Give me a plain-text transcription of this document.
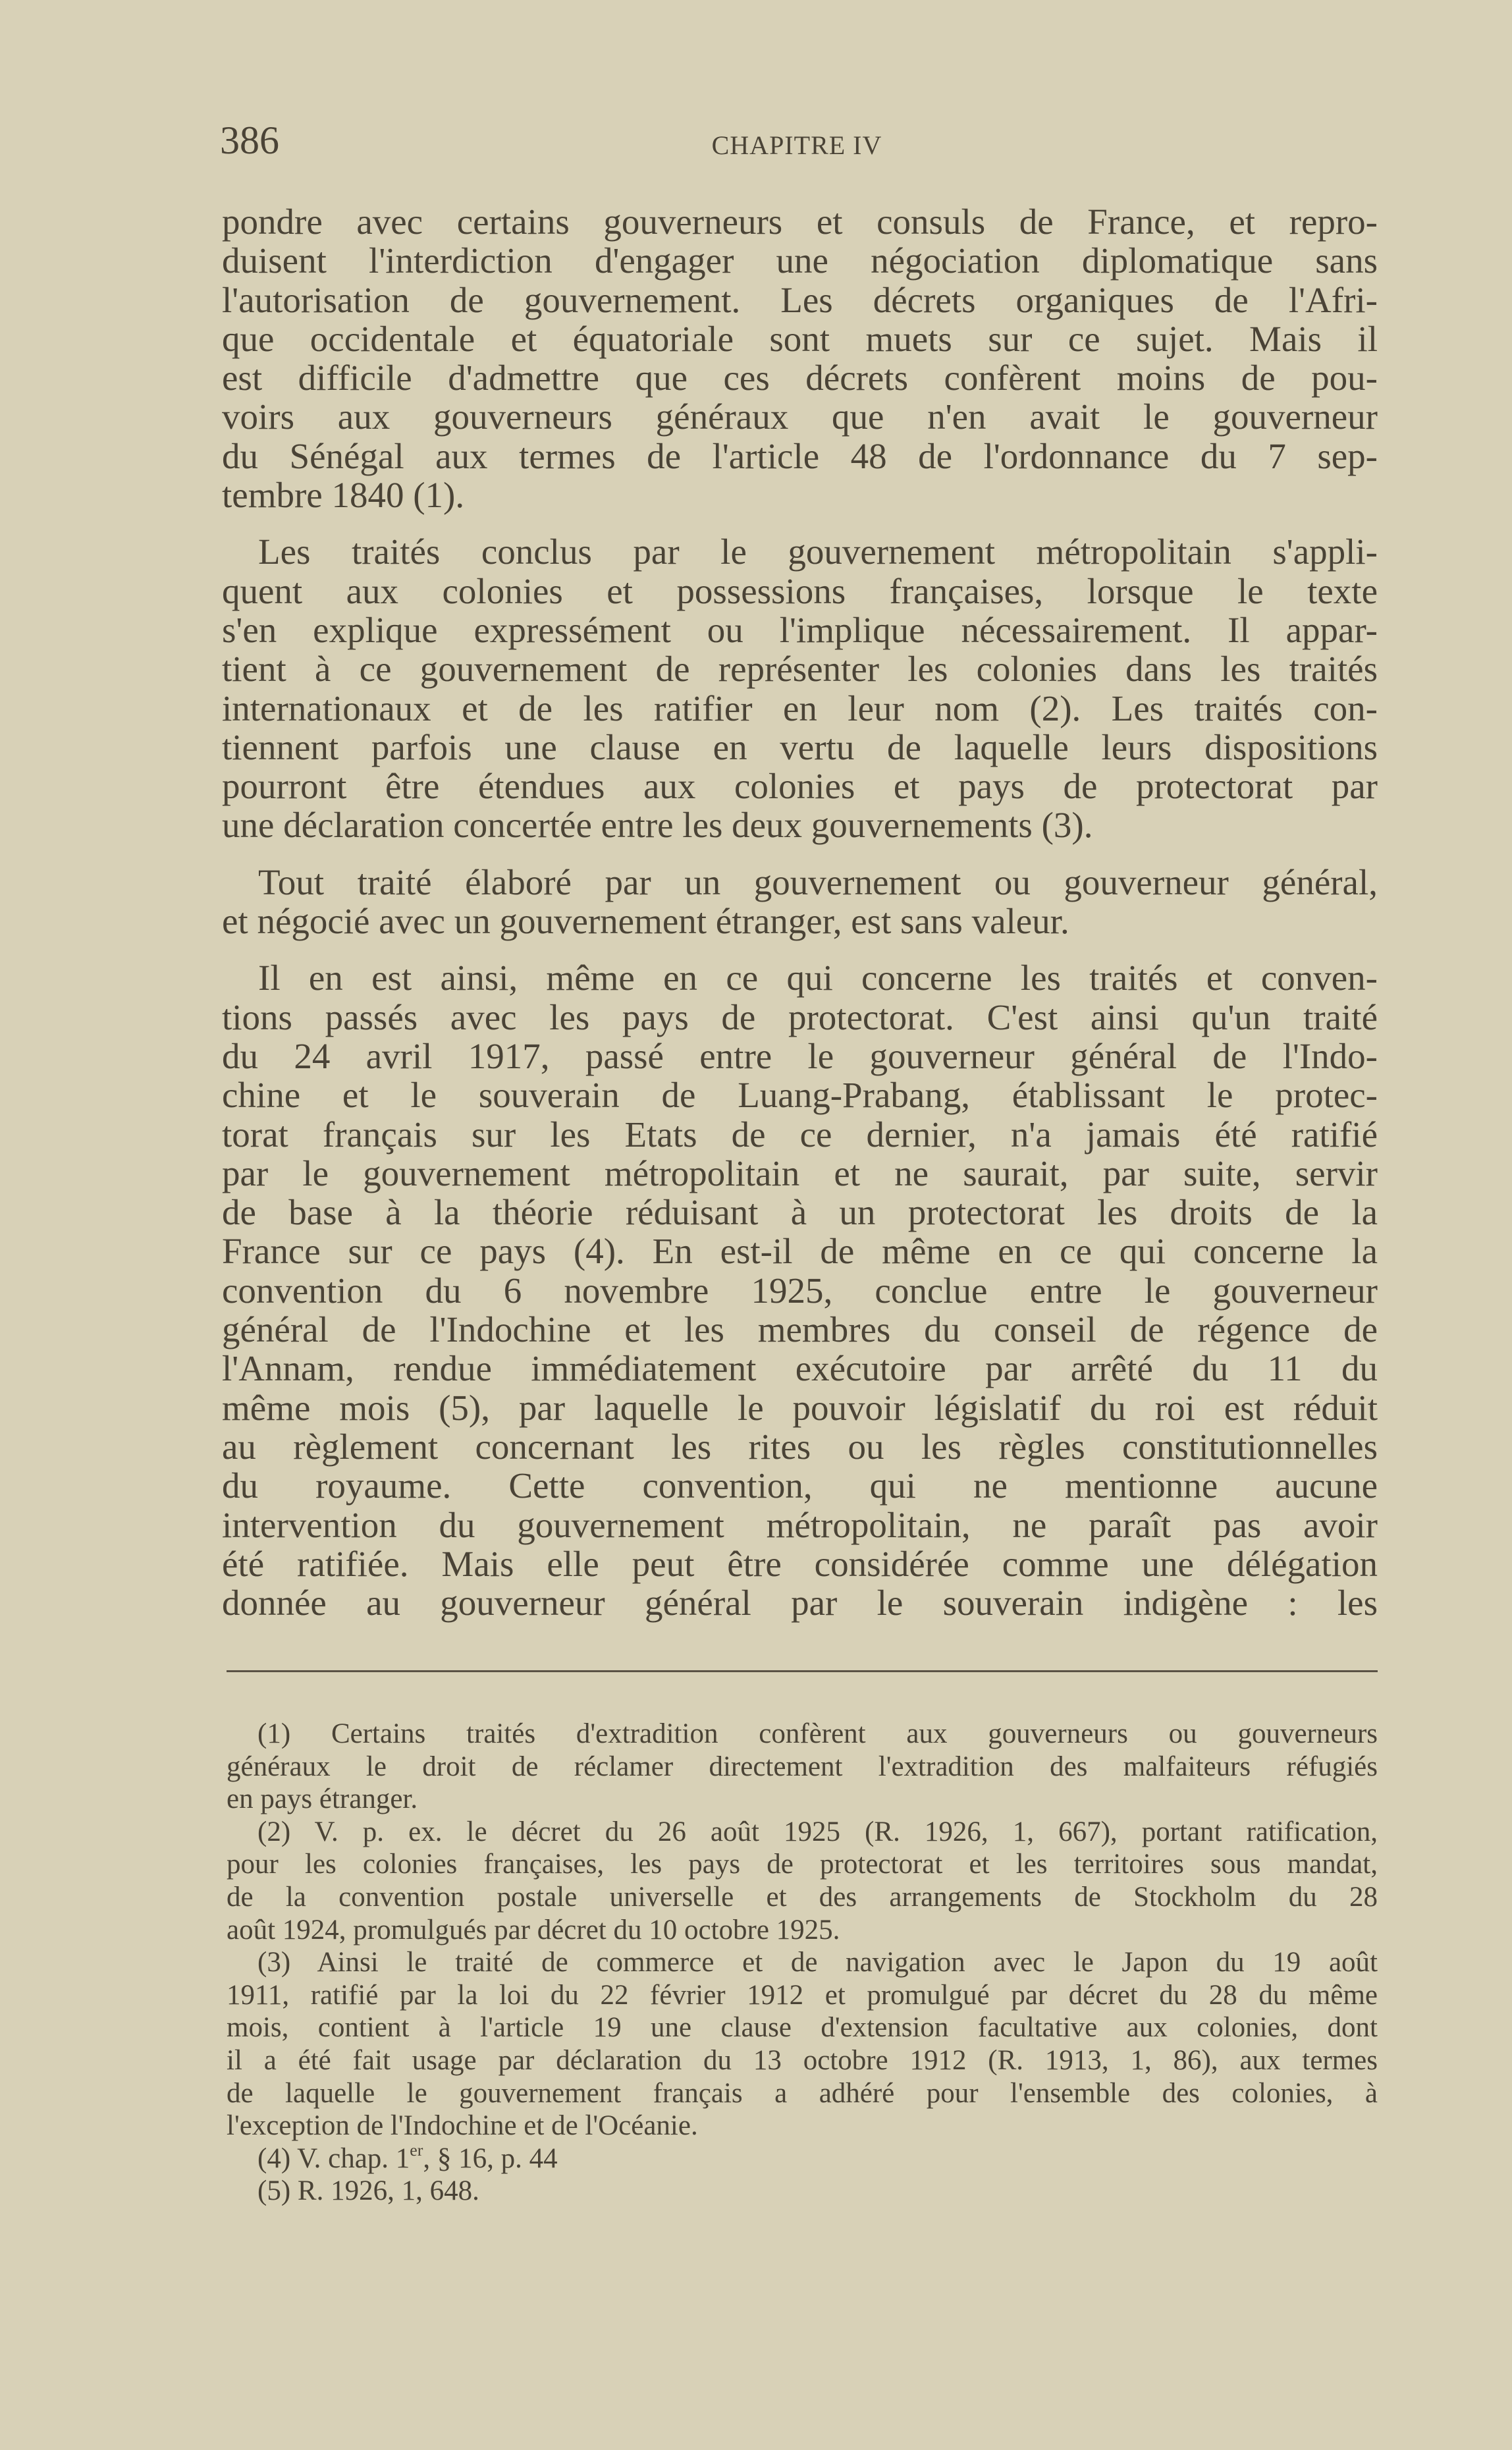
386	CHAPITRE IV
pondre avec certains gouverneurs et consuls de France, et repro-
duisent l'interdiction d'engager une négociation diplomatique sans
l'autorisation de gouvernement. Les décrets organiques de l'Afri-
que occidentale et équatoriale sont muets sur ce sujet. Mais il
est difficile d'admettre que ces décrets confèrent moins de pou-
voirs aux gouverneurs généraux que n'en avait le gouverneur
du Sénégal aux termes de l'article 48 de l'ordonnance du 7 sep-
tembre 1840 (1).
Les traités conclus par le gouvernement métropolitain s'appli-
quent aux colonies et possessions françaises, lorsque le texte
s'en explique expressément ou l'implique nécessairement. Il appar-
tient à ce gouvernement de représenter les colonies dans les traités
internationaux et de les ratifier en leur nom (2). Les traités con-
tiennent parfois une clause en vertu de laquelle leurs dispositions
pourront être étendues aux colonies et pays de protectorat par
une déclaration concertée entre les deux gouvernements (3).
Tout traité élaboré par un gouvernement ou gouverneur général,
et négocié avec un gouvernement étranger, est sans valeur.
Il en est ainsi, même en ce qui concerne les traités et conven-
tions passés avec les pays de protectorat. C'est ainsi qu'un traité
du 24 avril 1917, passé entre le gouverneur général de l'Indo-
chine et le souverain de Luang-Prabang, établissant le protec-
torat français sur les Etats de ce dernier, n'a jamais été ratifié
par le gouvernement métropolitain et ne saurait, par suite, servir
de base à la théorie réduisant à un protectorat les droits de la
France sur ce pays (4). En est-il de même en ce qui concerne la
convention du 6 novembre 1925, conclue entre le gouverneur
général de l'Indochine et les membres du conseil de régence de
l'Annam, rendue immédiatement exécutoire par arrêté du 11 du
même mois (5), par laquelle le pouvoir législatif du roi est réduit
au règlement concernant les rites ou les règles constitutionnelles
du royaume. Cette convention, qui ne mentionne aucune
intervention du gouvernement métropolitain, ne paraît pas avoir
été ratifiée. Mais elle peut être considérée comme une délégation
donnée au gouverneur général par le souverain indigène : les
(1) Certains traités d'extradition confèrent aux gouverneurs ou gouverneurs
généraux le droit de réclamer directement l'extradition des malfaiteurs réfugiés
en pays étranger.
(2) V. p. ex. le décret du 26 août 1925 (R. 1926, 1, 667), portant ratification,
pour les colonies françaises, les pays de protectorat et les territoires sous mandat,
de la convention postale universelle et des arrangements de Stockholm du 28
août 1924, promulgués par décret du 10 octobre 1925.
(3) Ainsi le traité de commerce et de navigation avec le Japon du 19 août
1911, ratifié par la loi du 22 février 1912 et promulgué par décret du 28 du même
mois, contient à l'article 19 une clause d'extension facultative aux colonies, dont
il a été fait usage par déclaration du 13 octobre 1912 (R. 1913, 1, 86), aux termes
de laquelle le gouvernement français a adhéré pour l'ensemble des colonies, à
l'exception de l'Indochine et de l'Océanie.
(4) V. chap. 1er, § 16, p. 44
(5) R. 1926, 1, 648.
